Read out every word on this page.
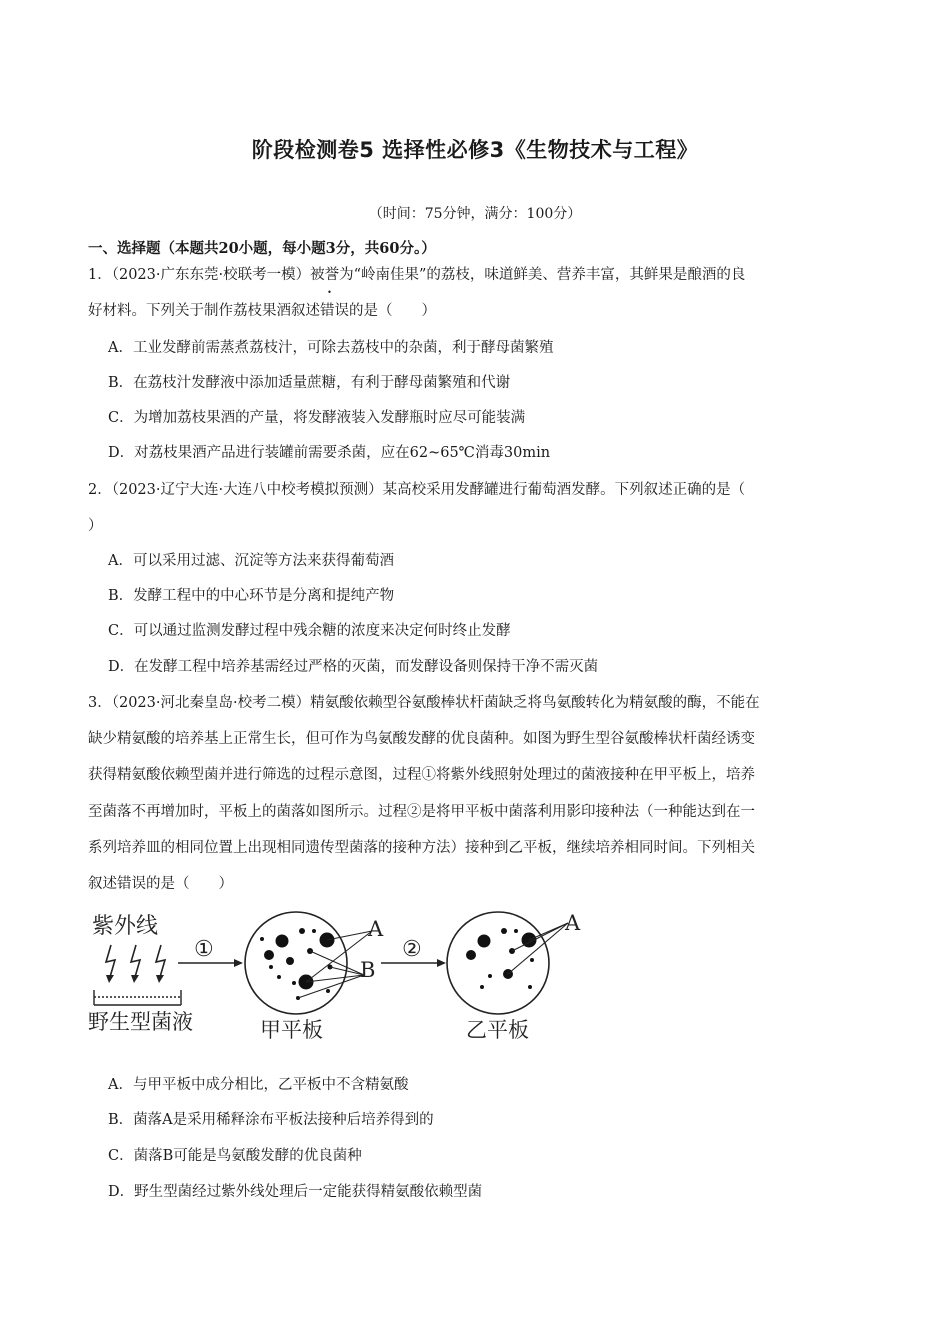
阶段检测卷5 选择性必修3《生物技术与工程》
（时间：75分钟，满分：100分）
一、选择题（本题共20小题，每小题3分，共60分。）
1．（2023·广东东莞·校联考一模）被誉为“岭南佳果”的荔枝，味道鲜美、营养丰富，其鲜果是酿酒的良
好材料。下列关于制作荔枝果酒叙述错误的是（　　）
A．工业发酵前需蒸煮荔枝汁，可除去荔枝中的杂菌，利于酵母菌繁殖
B．在荔枝汁发酵液中添加适量蔗糖，有利于酵母菌繁殖和代谢
C．为增加荔枝果酒的产量，将发酵液装入发酵瓶时应尽可能装满
D．对荔枝果酒产品进行装罐前需要杀菌，应在62~65℃消毒30min
2．（2023·辽宁大连·大连八中校考模拟预测）某高校采用发酵罐进行葡萄酒发酵。下列叙述正确的是（
）
A．可以采用过滤、沉淀等方法来获得葡萄酒
B．发酵工程中的中心环节是分离和提纯产物
C．可以通过监测发酵过程中残余糖的浓度来决定何时终止发酵
D．在发酵工程中培养基需经过严格的灭菌，而发酵设备则保持干净不需灭菌
3．（2023·河北秦皇岛·校考二模）精氨酸依赖型谷氨酸棒状杆菌缺乏将鸟氨酸转化为精氨酸的酶，不能在
缺少精氨酸的培养基上正常生长，但可作为鸟氨酸发酵的优良菌种。如图为野生型谷氨酸棒状杆菌经诱变
获得精氨酸依赖型菌并进行筛选的过程示意图，过程①将紫外线照射处理过的菌液接种在甲平板上，培养
至菌落不再增加时，平板上的菌落如图所示。过程②是将甲平板中菌落利用影印接种法（一种能达到在一
系列培养皿的相同位置上出现相同遗传型菌落的接种方法）接种到乙平板，继续培养相同时间。下列相关
叙述错误的是（　　）
紫外线
野生型菌液
①
A
B
甲平板
②
A
乙平板
A．与甲平板中成分相比，乙平板中不含精氨酸
B．菌落A是采用稀释涂布平板法接种后培养得到的
C．菌落B可能是鸟氨酸发酵的优良菌种
D．野生型菌经过紫外线处理后一定能获得精氨酸依赖型菌
